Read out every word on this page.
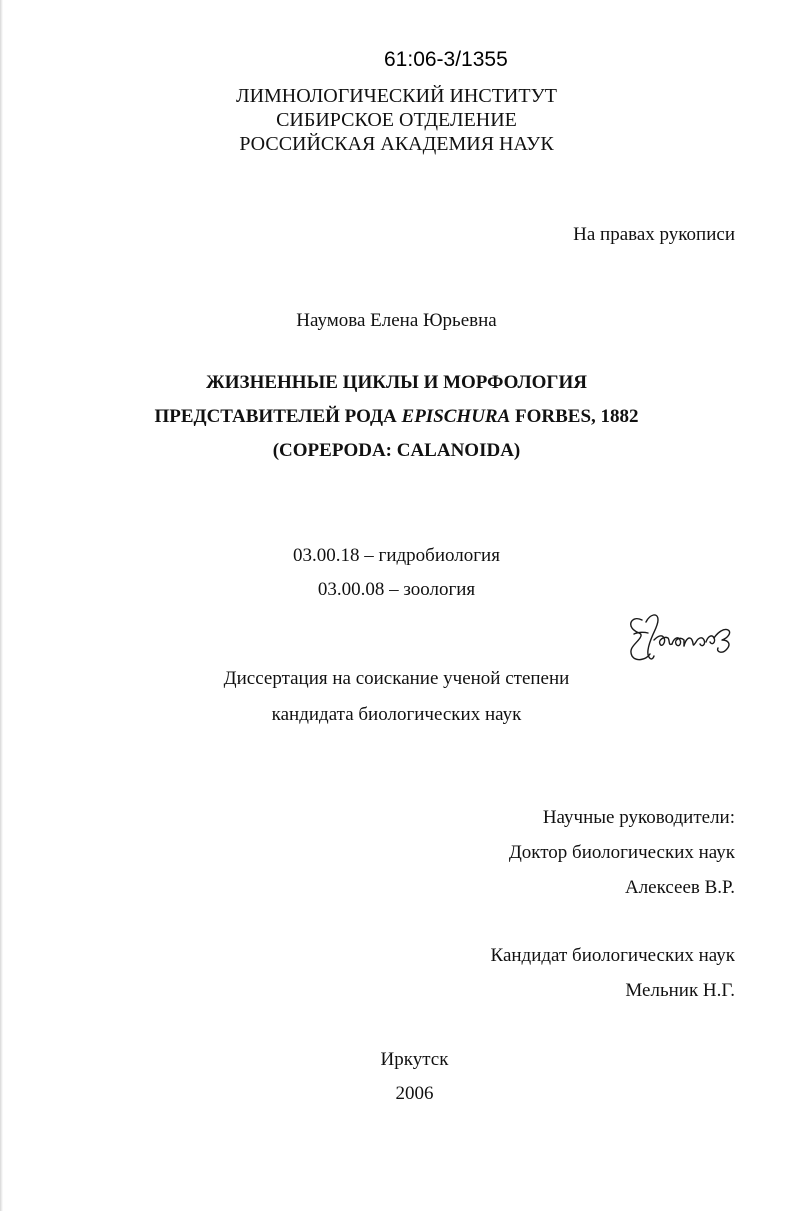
61:06-3/1355
ЛИМНОЛОГИЧЕСКИЙ ИНСТИТУТ
СИБИРСКОЕ ОТДЕЛЕНИЕ
РОССИЙСКАЯ АКАДЕМИЯ НАУК
На правах рукописи
Наумова Елена Юрьевна
ЖИЗНЕННЫЕ ЦИКЛЫ И МОРФОЛОГИЯ
ПРЕДСТАВИТЕЛЕЙ РОДА EPISCHURA FORBES, 1882
(COPEPODA: CALANOIDA)
03.00.18 – гидробиология
03.00.08 – зоология
Диссертация на соискание ученой степени
кандидата биологических наук
Научные руководители:
Доктор биологических наук
Алексеев В.Р.
Кандидат биологических наук
Мельник Н.Г.
Иркутск
2006
